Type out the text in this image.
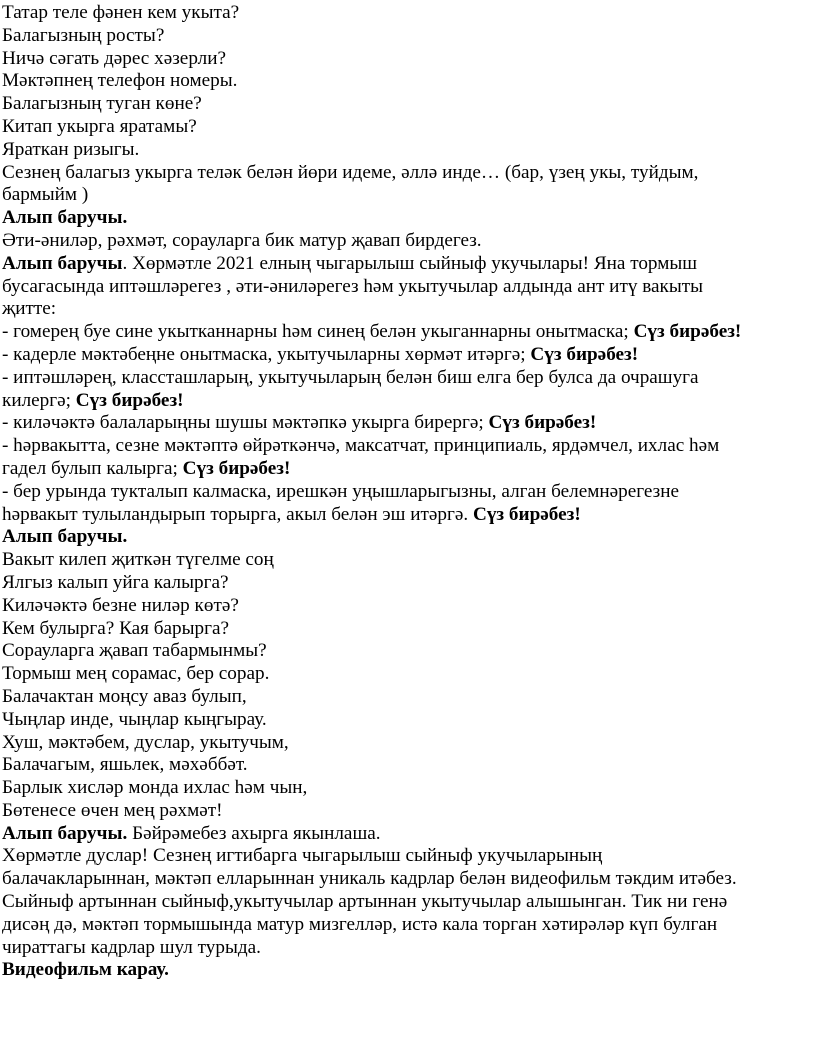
Татар теле фәнен кем укыта?
Балагызның росты?
Ничә сәгать дәрес хәзерли?
Мәктәпнең телефон номеры.
Балагызның туган көне?
Китап укырга яратамы?
Яраткан ризыгы.
Сезнең балагыз укырга теләк белән йөри идеме, әллә инде… (бар, үзең укы, туйдым,
бармыйм )
Алып баручы.
Әти-әниләр, рәхмәт, сорауларга бик матур җавап бирдегез.
Алып баручы. Хөрмәтле 2021 елның чыгарылыш сыйныф укучылары! Яна тормыш
бусагасында иптәшләрегез , әти-әниләрегез һәм укытучылар алдында ант итү вакыты
җитте:
- гомерең буе сине укытканнарны һәм синең белән укыганнарны онытмаска; Сүз бирәбез!
- кадерле мәктәбеңне онытмаска, укытучыларны хөрмәт итәргә; Сүз бирәбез!
- иптәшләрең, классташларың, укытучыларың белән биш елга бер булса да очрашуга
килергә; Сүз бирәбез!
- киләчәктә балаларыңны шушы мәктәпкә укырга бирергә; Сүз бирәбез!
- һәрвакытта, сезне мәктәптә өйрәткәнчә, максатчат, принципиаль, ярдәмчел, ихлас һәм
гадел булып калырга; Сүз бирәбез!
- бер урында тукталып калмаска, ирешкән уңышларыгызны, алган белемнәрегезне
һәрвакыт тулыландырып торырга, акыл белән эш итәргә. Сүз бирәбез!
Алып баручы.
Вакыт килеп җиткән түгелме соң
Ялгыз калып уйга калырга?
Киләчәктә безне ниләр көтә?
Кем булырга? Кая барырга?
Сорауларга җавап табармынмы?
Тормыш мең сорамас, бер сорар.
Балачактан моңсу аваз булып,
Чыңлар инде, чыңлар кыңгырау.
Хуш, мәктәбем, дуслар, укытучым,
Балачагым, яшьлек, мәхәббәт.
Барлык хисләр монда ихлас һәм чын,
Бөтенесе өчен мең рәхмәт!
Алып баручы. Бәйрәмебез ахырга якынлаша.
Хөрмәтле дуслар! Сезнең игтибарга чыгарылыш сыйныф укучыларының
балачакларыннан, мәктәп елларыннан уникаль кадрлар белән видеофильм тәкдим итәбез.
Сыйныф артыннан сыйныф,укытучылар артыннан укытучылар алышынган. Тик ни генә
дисәң дә, мәктәп тормышында матур мизгелләр, истә кала торган хәтирәләр күп булган
чираттагы кадрлар шул турыда.
Видеофильм карау.
